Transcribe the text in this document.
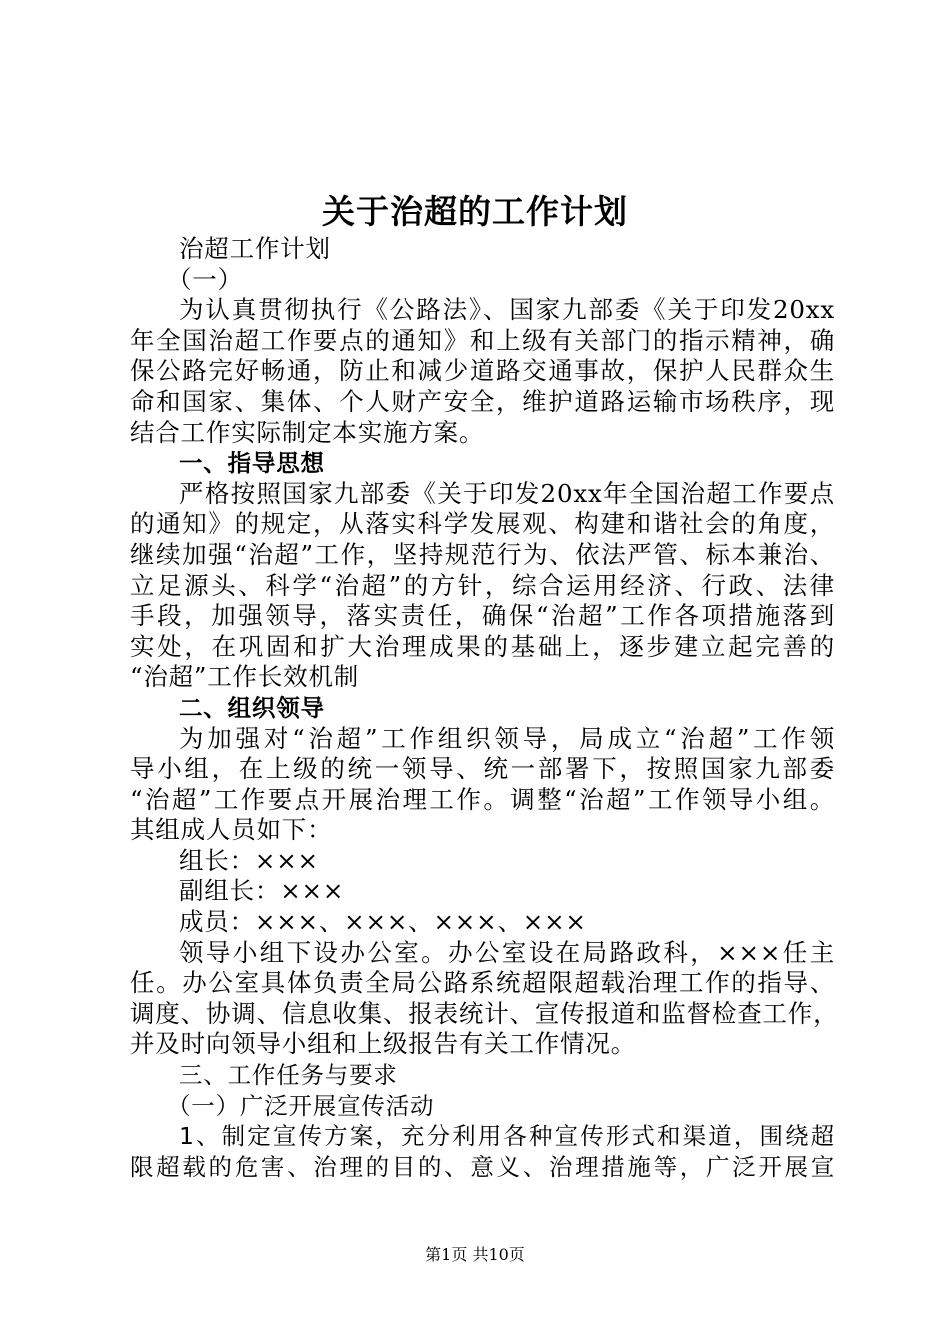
关于治超的工作计划
治超工作计划
（一）
为认真贯彻执行《公路法》、国家九部委《关于印发20xx
年全国治超工作要点的通知》和上级有关部门的指示精神，确
保公路完好畅通，防止和减少道路交通事故，保护人民群众生
命和国家、集体、个人财产安全，维护道路运输市场秩序，现
结合工作实际制定本实施方案。
一、指导思想
严格按照国家九部委《关于印发20xx年全国治超工作要点
的通知》的规定，从落实科学发展观、构建和谐社会的角度，
继续加强“治超”工作，坚持规范行为、依法严管、标本兼治、
立足源头、科学“治超”的方针，综合运用经济、行政、法律
手段，加强领导，落实责任，确保“治超”工作各项措施落到
实处，在巩固和扩大治理成果的基础上，逐步建立起完善的
“治超”工作长效机制
二、组织领导
为加强对“治超”工作组织领导，局成立“治超”工作领
导小组，在上级的统一领导、统一部署下，按照国家九部委
“治超”工作要点开展治理工作。调整“治超”工作领导小组。
其组成人员如下：
组长：×××
副组长：×××
成员：×××、×××、×××、×××
领导小组下设办公室。办公室设在局路政科，×××任主
任。办公室具体负责全局公路系统超限超载治理工作的指导、
调度、协调、信息收集、报表统计、宣传报道和监督检查工作，
并及时向领导小组和上级报告有关工作情况。
三、工作任务与要求
（一）广泛开展宣传活动
1、制定宣传方案，充分利用各种宣传形式和渠道，围绕超
限超载的危害、治理的目的、意义、治理措施等，广泛开展宣
第1页 共10页
